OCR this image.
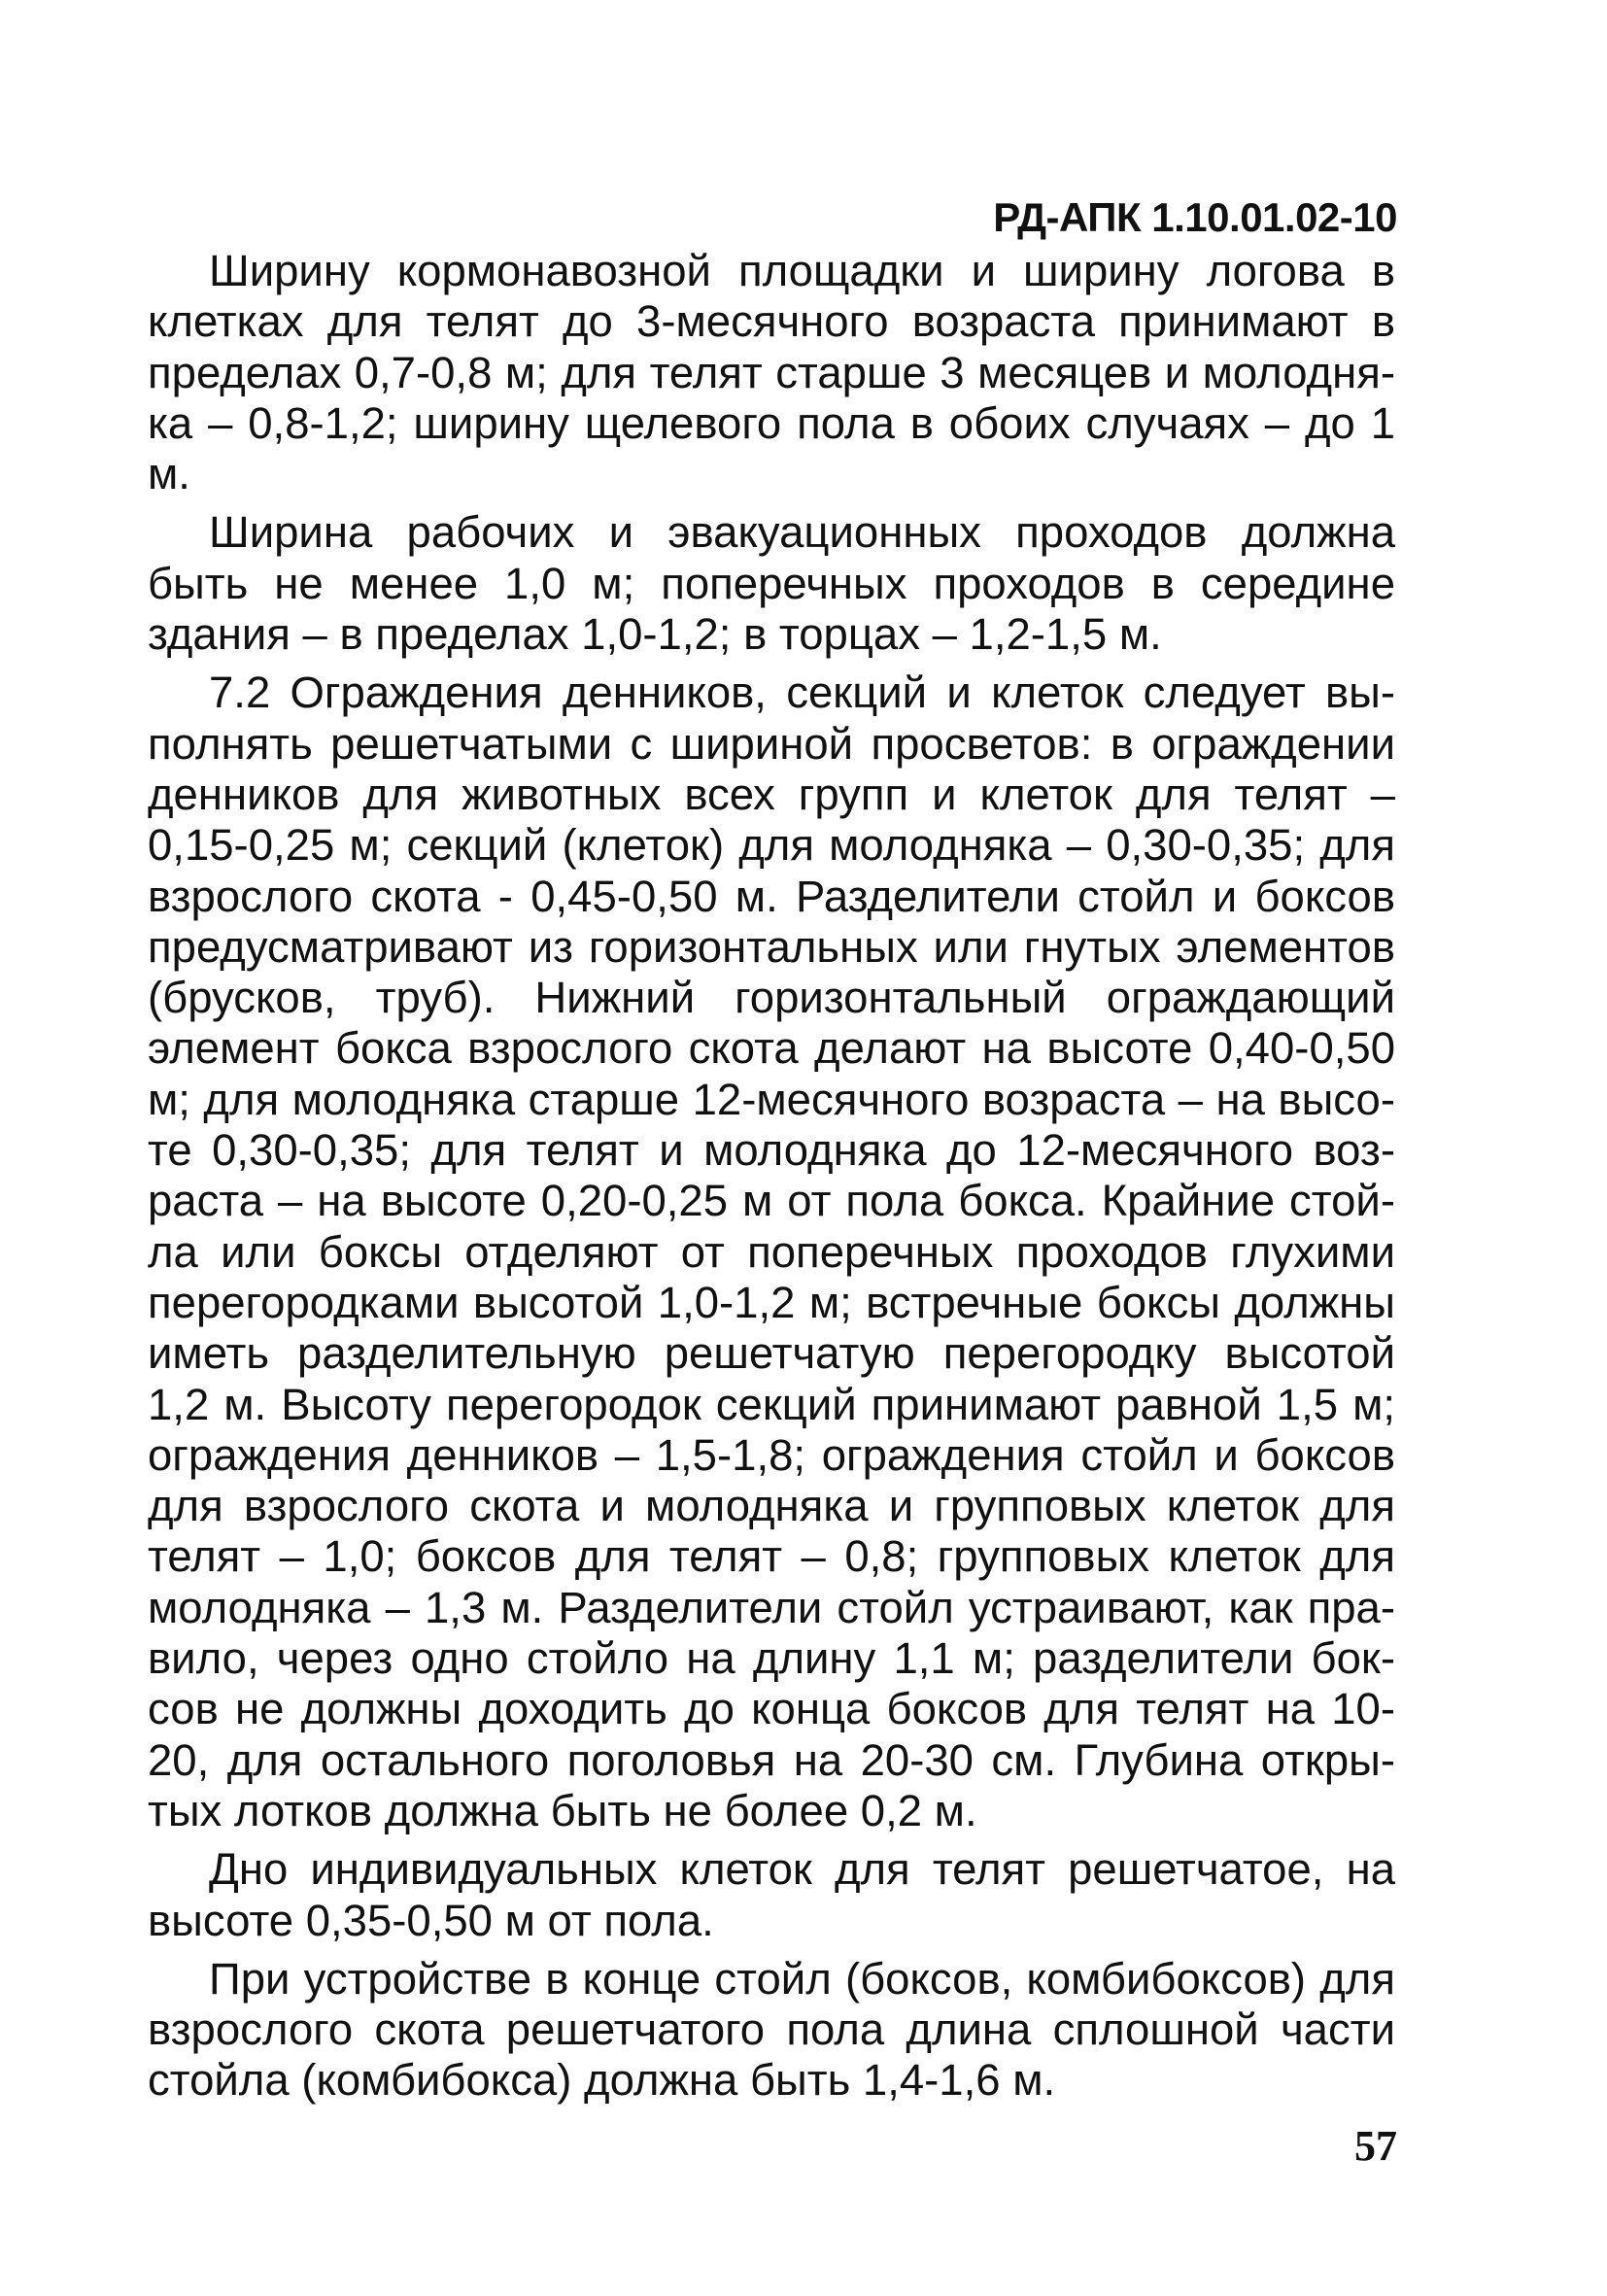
РД-АПК 1.10.01.02-10

Ширину кормонавозной площадки и ширину логова в клетках для телят до 3-месячного возраста принимают в пределах 0,7-0,8 м; для телят старше 3 месяцев и молодняка – 0,8-1,2; ширину щелевого пола в обоих случаях – до 1 м.

Ширина рабочих и эвакуационных проходов должна быть не менее 1,0 м; поперечных проходов в середине здания – в пределах 1,0-1,2; в торцах – 1,2-1,5 м.

7.2 Ограждения денников, секций и клеток следует выполнять решетчатыми с шириной просветов: в ограждении денников для животных всех групп и клеток для телят – 0,15-0,25 м; секций (клеток) для молодняка – 0,30-0,35; для взрослого скота - 0,45-0,50 м. Разделители стойл и боксов предусматривают из горизонтальных или гнутых элементов (брусков, труб). Нижний горизонтальный ограждающий элемент бокса взрослого скота делают на высоте 0,40-0,50 м; для молодняка старше 12-месячного возраста – на высоте 0,30-0,35; для телят и молодняка до 12-месячного возраста – на высоте 0,20-0,25 м от пола бокса. Крайние стойла или боксы отделяют от поперечных проходов глухими перегородками высотой 1,0-1,2 м; встречные боксы должны иметь разделительную решетчатую перегородку высотой 1,2 м. Высоту перегородок секций принимают равной 1,5 м; ограждения денников – 1,5-1,8; ограждения стойл и боксов для взрослого скота и молодняка и групповых клеток для телят – 1,0; боксов для телят – 0,8; групповых клеток для молодняка – 1,3 м. Разделители стойл устраивают, как правило, через одно стойло на длину 1,1 м; разделители боксов не должны доходить до конца боксов для телят на 10-20, для остального поголовья на 20-30 см. Глубина открытых лотков должна быть не более 0,2 м.

Дно индивидуальных клеток для телят решетчатое, на высоте 0,35-0,50 м от пола.

При устройстве в конце стойл (боксов, комбибоксов) для взрослого скота решетчатого пола длина сплошной части стойла (комбибокса) должна быть 1,4-1,6 м.

57
